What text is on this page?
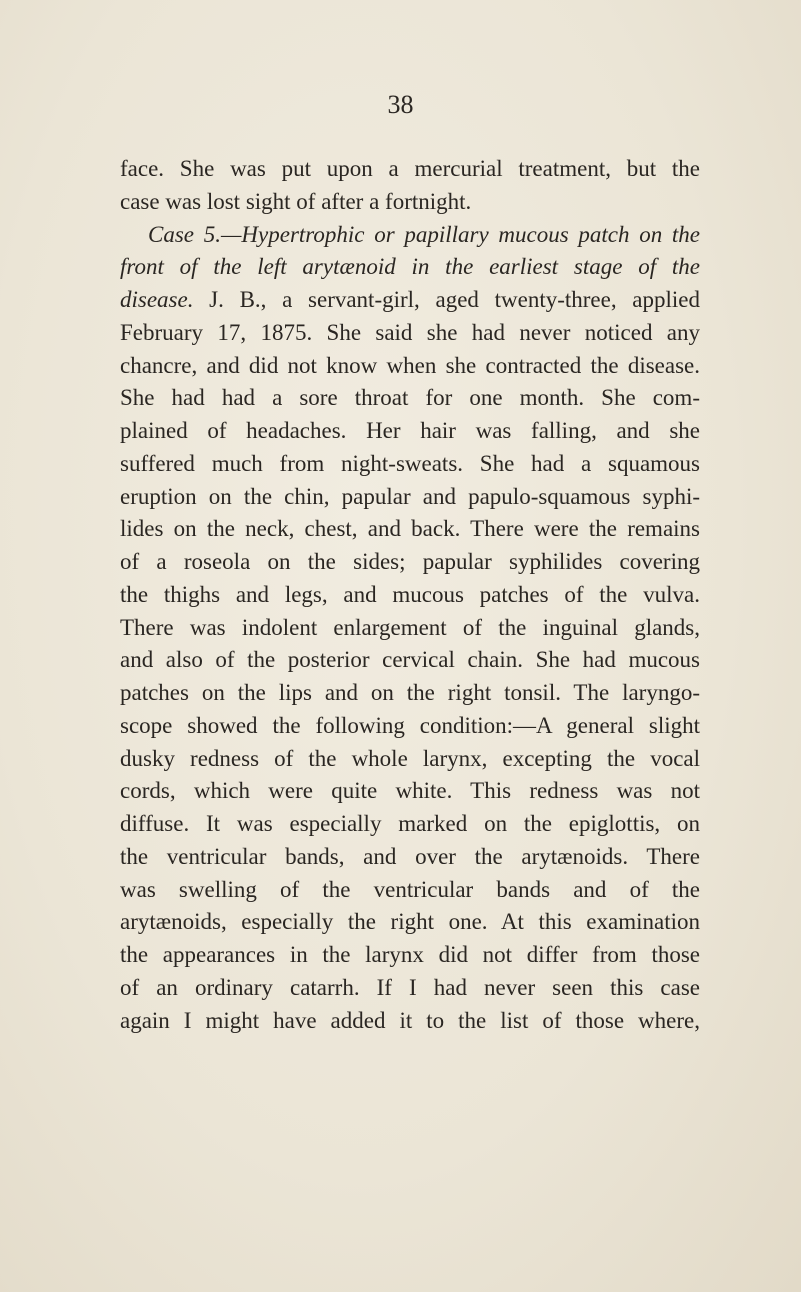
38
face. She was put upon a mercurial treatment, but the
case was lost sight of after a fortnight.
Case 5.—Hypertrophic or papillary mucous patch on the
front of the left arytænoid in the earliest stage of the
disease. J. B., a servant-girl, aged twenty-three, applied
February 17, 1875. She said she had never noticed any
chancre, and did not know when she contracted the disease.
She had had a sore throat for one month. She com-
plained of headaches. Her hair was falling, and she
suffered much from night-sweats. She had a squamous
eruption on the chin, papular and papulo-squamous syphi-
lides on the neck, chest, and back. There were the remains
of a roseola on the sides; papular syphilides covering
the thighs and legs, and mucous patches of the vulva.
There was indolent enlargement of the inguinal glands,
and also of the posterior cervical chain. She had mucous
patches on the lips and on the right tonsil. The laryngo-
scope showed the following condition:—A general slight
dusky redness of the whole larynx, excepting the vocal
cords, which were quite white. This redness was not
diffuse. It was especially marked on the epiglottis, on
the ventricular bands, and over the arytænoids. There
was swelling of the ventricular bands and of the
arytænoids, especially the right one. At this examination
the appearances in the larynx did not differ from those
of an ordinary catarrh. If I had never seen this case
again I might have added it to the list of those where,
